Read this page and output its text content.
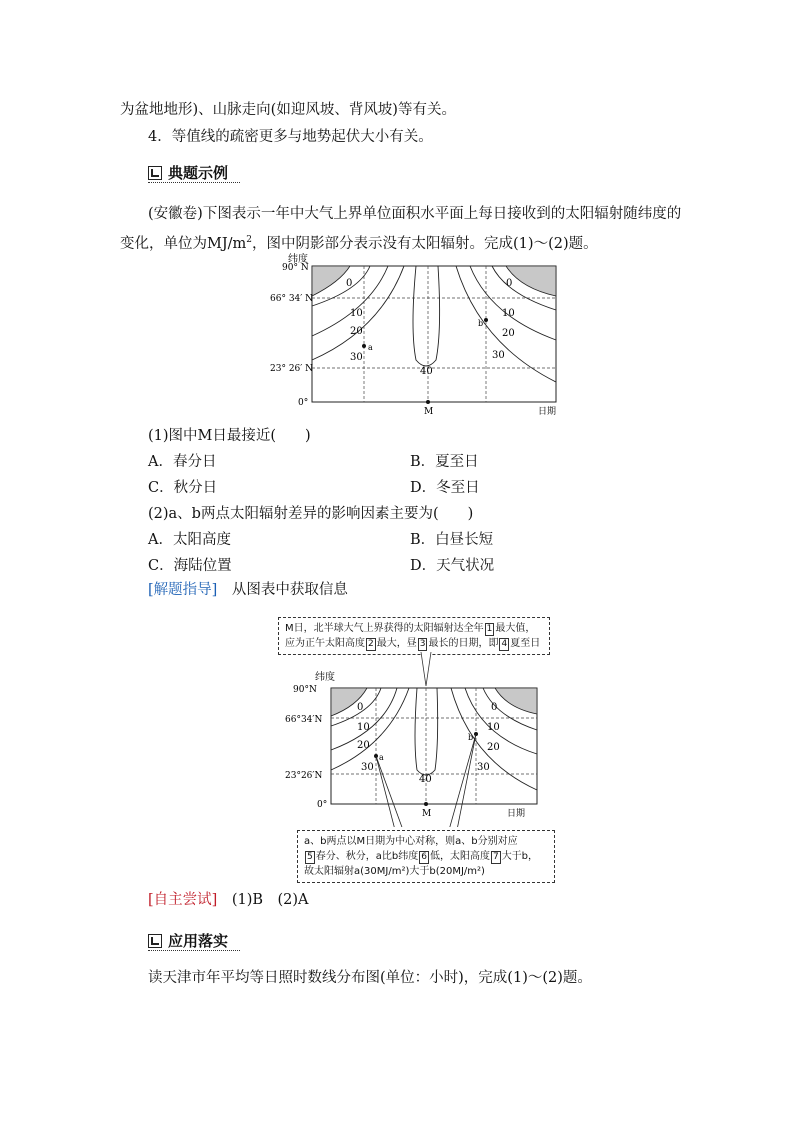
为盆地地形)、山脉走向(如迎风坡、背风坡)等有关。
4．等值线的疏密更多与地势起伏大小有关。
典题示例
(安徽卷)下图表示一年中大气上界单位面积水平面上每日接收到的太阳辐射随纬度的
变化，单位为$MJ/m^2$，图中阴影部分表示没有太阳辐射。完成(1)～(2)题。
纬度
0
10
20
30
40
0
10
20
30
a
b
90° N
66° 34′ N
23° 26′ N
0°
M	日期
(1)图中M日最接近(　　)
A．春分日	B．夏至日
C．秋分日	D．冬至日
(2)a、b两点太阳辐射差异的影响因素主要为(　　)
A．太阳高度	B．白昼长短
C．海陆位置	D．天气状况
[解题指导]　 从图表中获取信息
M日，北半球大气上界获得的太阳辐射达全年 1 最大值，
应为正午太阳高度 2 最大，昼 3 最长的日期，即 4 夏至日
纬度
0
10
20
30
40
0
10
20
30
a
b
90°N
66°34′N
23°26′N
0°
M	日期
a、b两点以M日期为中心对称，则a、b分别对应
5 春分、秋分，a比b纬度 6 低，太阳高度 7 大于b，
故太阳辐射a(30MJ/m²)大于b(20MJ/m²)
[自主尝试]　 (1)B　(2)A
应用落实
读天津市年平均等日照时数线分布图(单位：小时)，完成(1)～(2)题。
